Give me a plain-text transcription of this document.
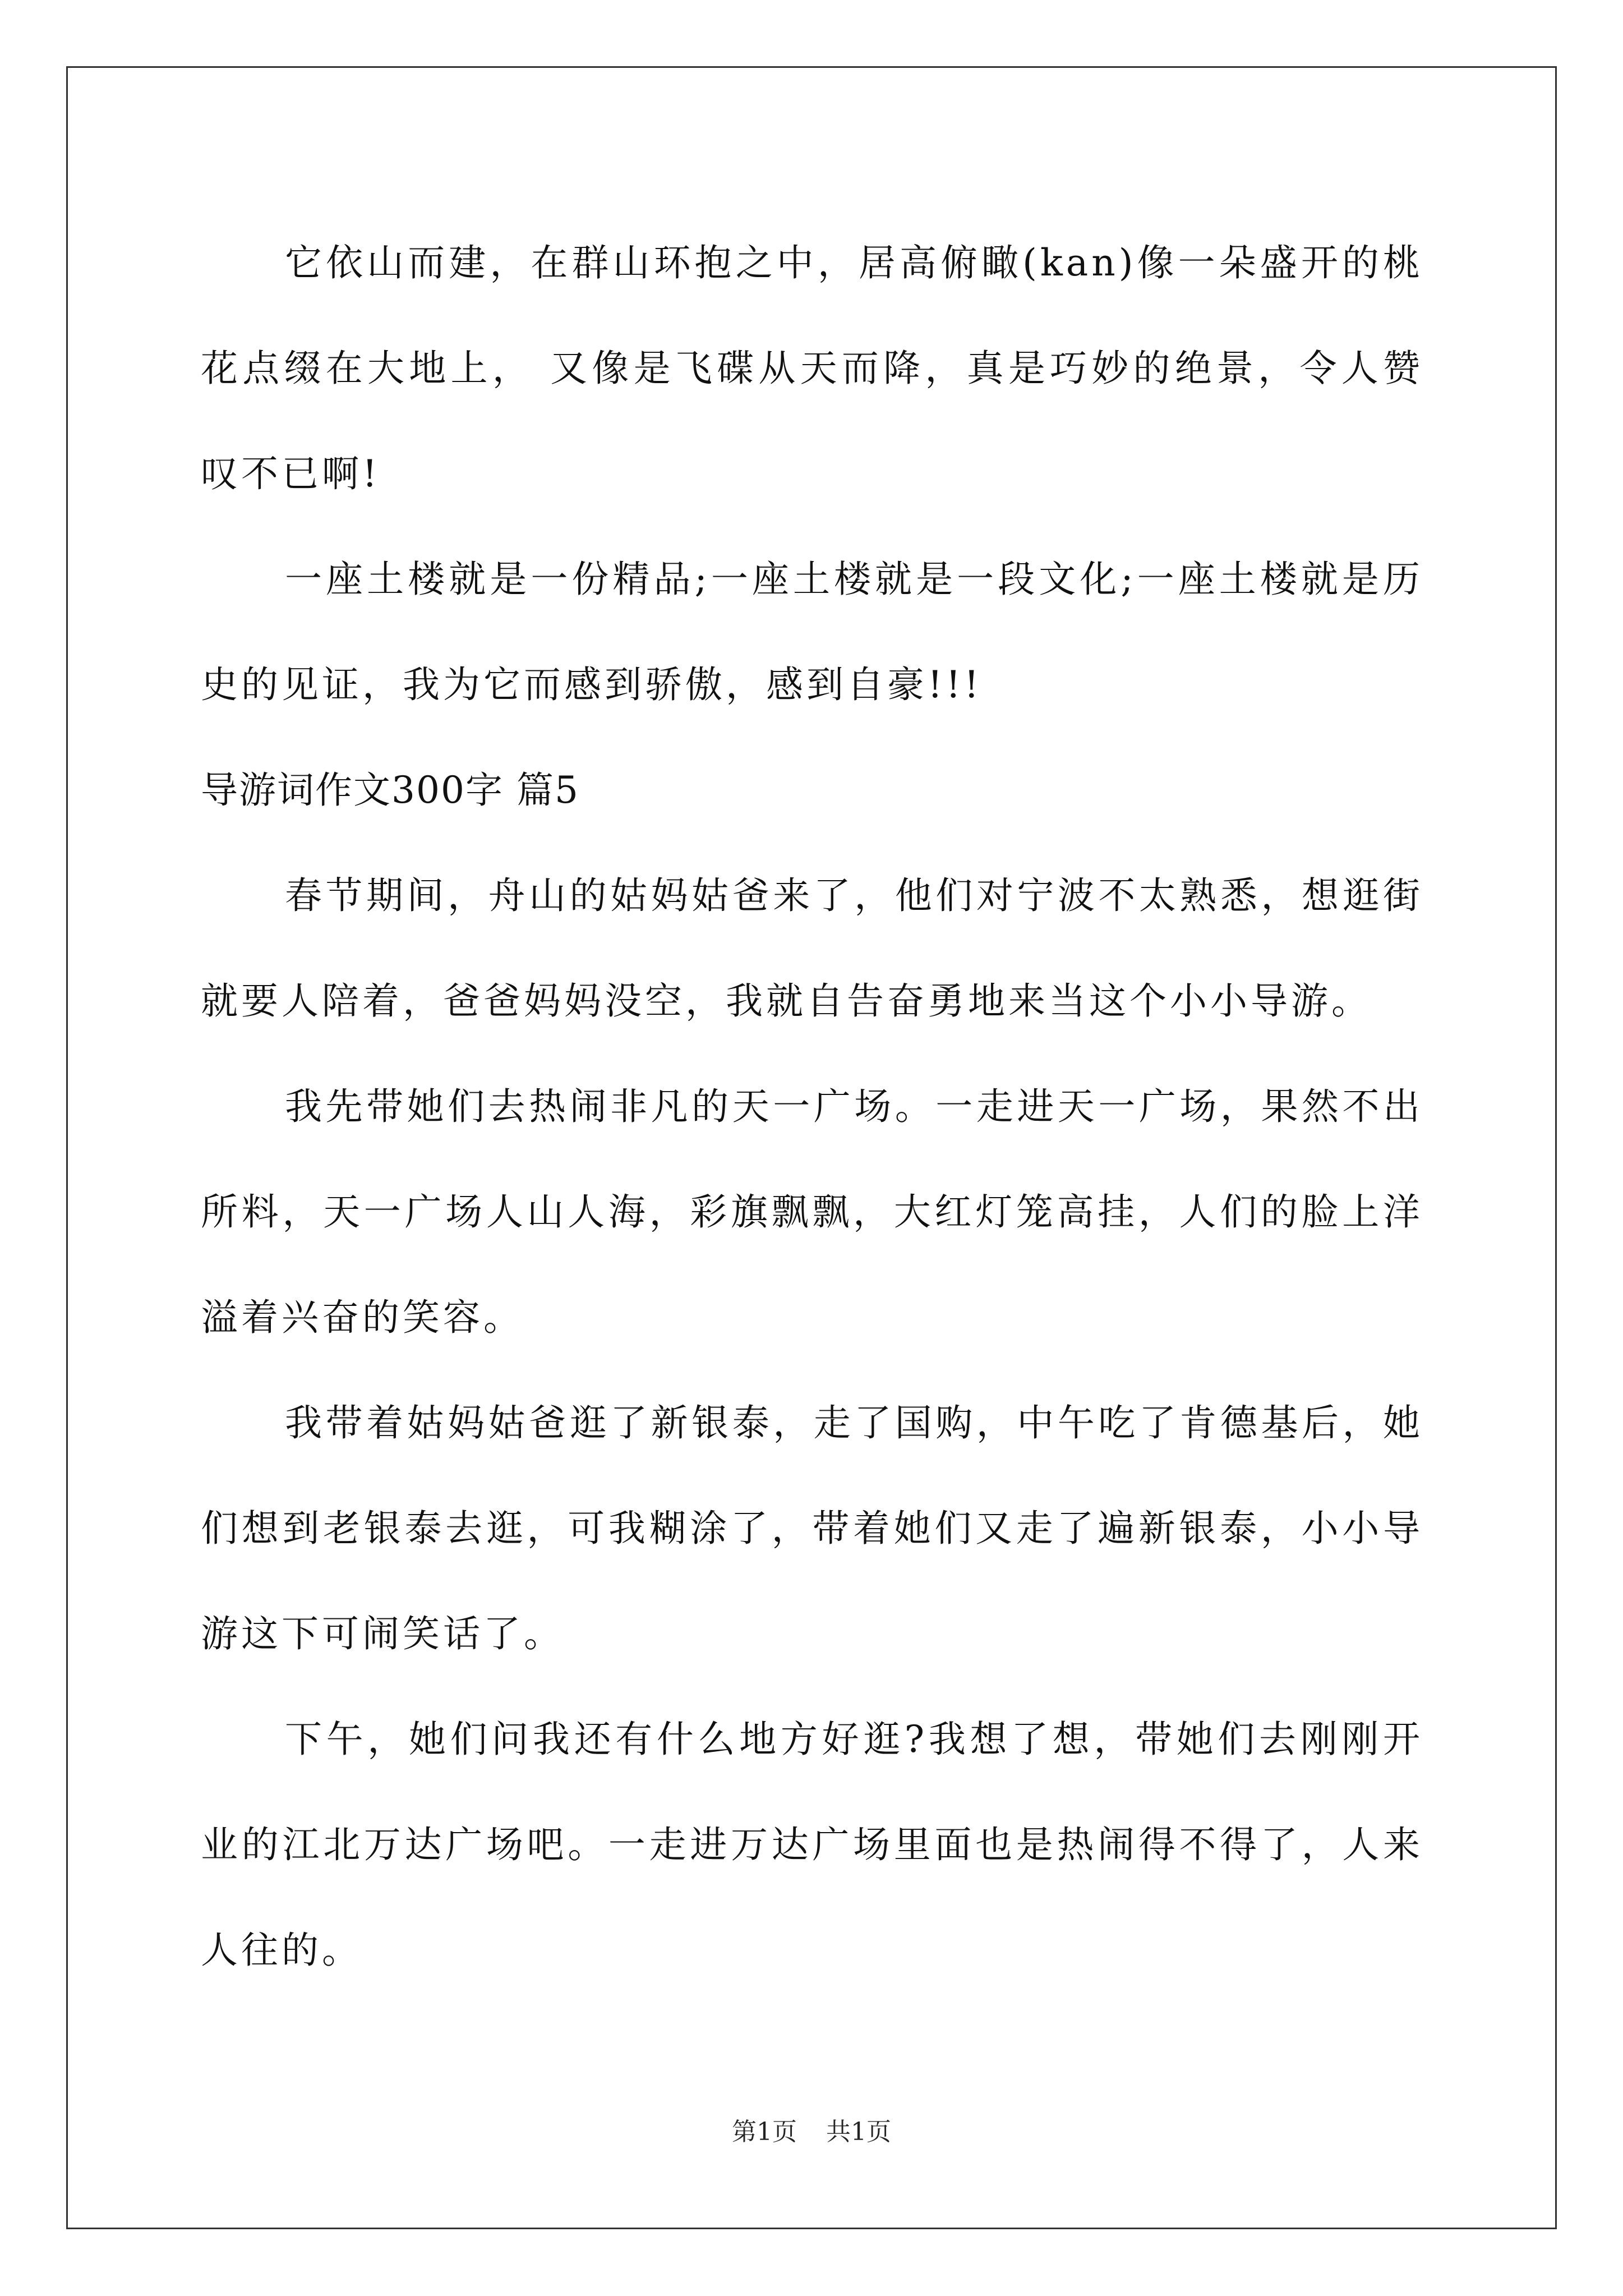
它依山而建，在群山环抱之中，居高俯瞰(kan)像一朵盛开的桃花点缀在大地上， 又像是飞碟从天而降，真是巧妙的绝景，令人赞叹不已啊!

一座土楼就是一份精品;一座土楼就是一段文化;一座土楼就是历史的见证，我为它而感到骄傲，感到自豪!!!

导游词作文300字 篇5

春节期间，舟山的姑妈姑爸来了，他们对宁波不太熟悉，想逛街就要人陪着，爸爸妈妈没空，我就自告奋勇地来当这个小小导游。

我先带她们去热闹非凡的天一广场。一走进天一广场，果然不出所料，天一广场人山人海，彩旗飘飘，大红灯笼高挂，人们的脸上洋溢着兴奋的笑容。

我带着姑妈姑爸逛了新银泰，走了国购，中午吃了肯德基后，她们想到老银泰去逛，可我糊涂了，带着她们又走了遍新银泰，小小导游这下可闹笑话了。

下午，她们问我还有什么地方好逛?我想了想，带她们去刚刚开业的江北万达广场吧。一走进万达广场里面也是热闹得不得了，人来人往的。

第1页 共1页
